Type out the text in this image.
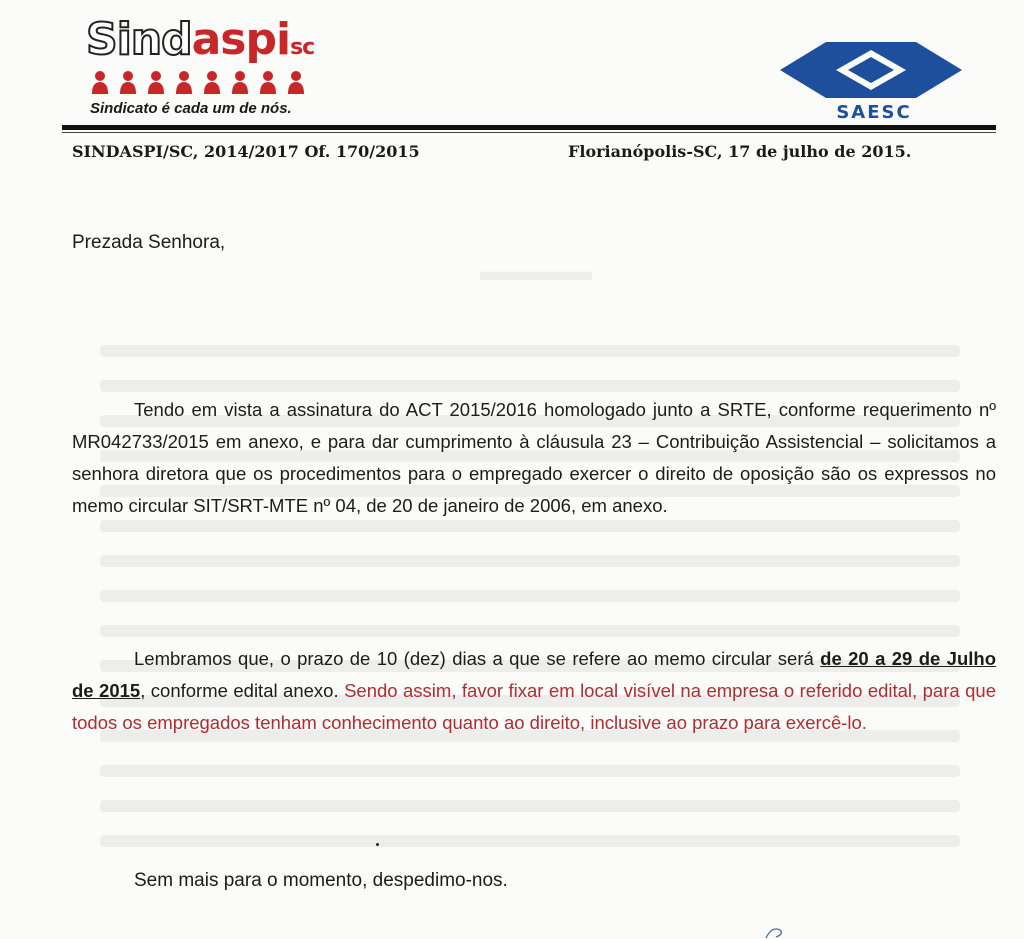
▬▬▬▬
Sindaspisc
Sindicato é cada um de nós.	SAESC
SINDASPI/SC, 2014/2017 Of. 170/2015	Florianópolis-SC, 17 de julho de 2015.
Prezada Senhora,

Tendo em vista a assinatura do ACT 2015/2016 homologado junto a SRTE, conforme requerimento nº MR042733/2015 em anexo, e para dar cumprimento à cláusula 23 – Contribuição Assistencial – solicitamos a senhora diretora que os procedimentos para o empregado exercer o direito de oposição são os expressos no memo circular SIT/SRT-MTE nº 04, de 20 de janeiro de 2006, em anexo.

Lembramos que, o prazo de 10 (dez) dias a que se refere ao memo circular será de 20 a 29 de Julho de 2015, conforme edital anexo. Sendo assim, favor fixar em local visível na empresa o referido edital, para que todos os empregados tenham conhecimento quanto ao direito, inclusive ao prazo para exercê-lo.

Sem mais para o momento, despedimo-nos.
